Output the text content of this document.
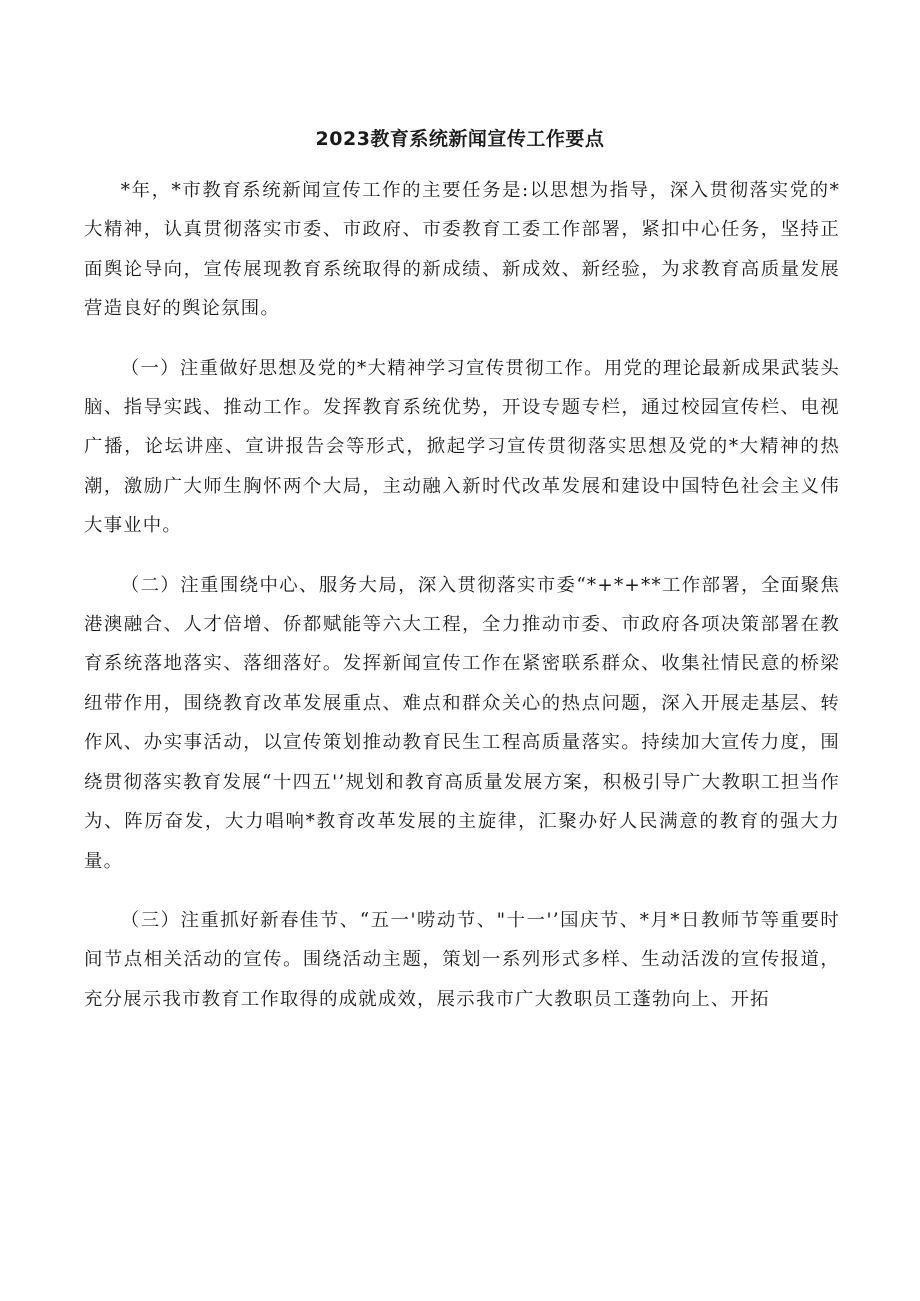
2023教育系统新闻宣传工作要点

*年，*市教育系统新闻宣传工作的主要任务是:以思想为指导，深入贯彻落实党的*大精神，认真贯彻落实市委、市政府、市委教育工委工作部署，紧扣中心任务，坚持正面舆论导向，宣传展现教育系统取得的新成绩、新成效、新经验，为求教育高质量发展营造良好的舆论氛围。

（一）注重做好思想及党的*大精神学习宣传贯彻工作。用党的理论最新成果武装头脑、指导实践、推动工作。发挥教育系统优势，开设专题专栏，通过校园宣传栏、电视广播，论坛讲座、宣讲报告会等形式，掀起学习宣传贯彻落实思想及党的*大精神的热潮，激励广大师生胸怀两个大局，主动融入新时代改革发展和建设中国特色社会主义伟大事业中。

（二）注重围绕中心、服务大局，深入贯彻落实市委“*+*+**工作部署，全面聚焦港澳融合、人才倍增、侨都赋能等六大工程，全力推动市委、市政府各项决策部署在教育系统落地落实、落细落好。发挥新闻宣传工作在紧密联系群众、收集社情民意的桥梁纽带作用，围绕教育改革发展重点、难点和群众关心的热点问题，深入开展走基层、转作风、办实事活动，以宣传策划推动教育民生工程高质量落实。持续加大宣传力度，围绕贯彻落实教育发展“十四五'’规划和教育高质量发展方案，积极引导广大教职工担当作为、阵厉奋发，大力唱响*教育改革发展的主旋律，汇聚办好人民满意的教育的强大力量。

（三）注重抓好新春佳节、“五一'唠动节、"十一'’国庆节、*月*日教师节等重要时间节点相关活动的宣传。围绕活动主题，策划一系列形式多样、生动活泼的宣传报道，充分展示我市教育工作取得的成就成效，展示我市广大教职员工蓬勃向上、开拓
